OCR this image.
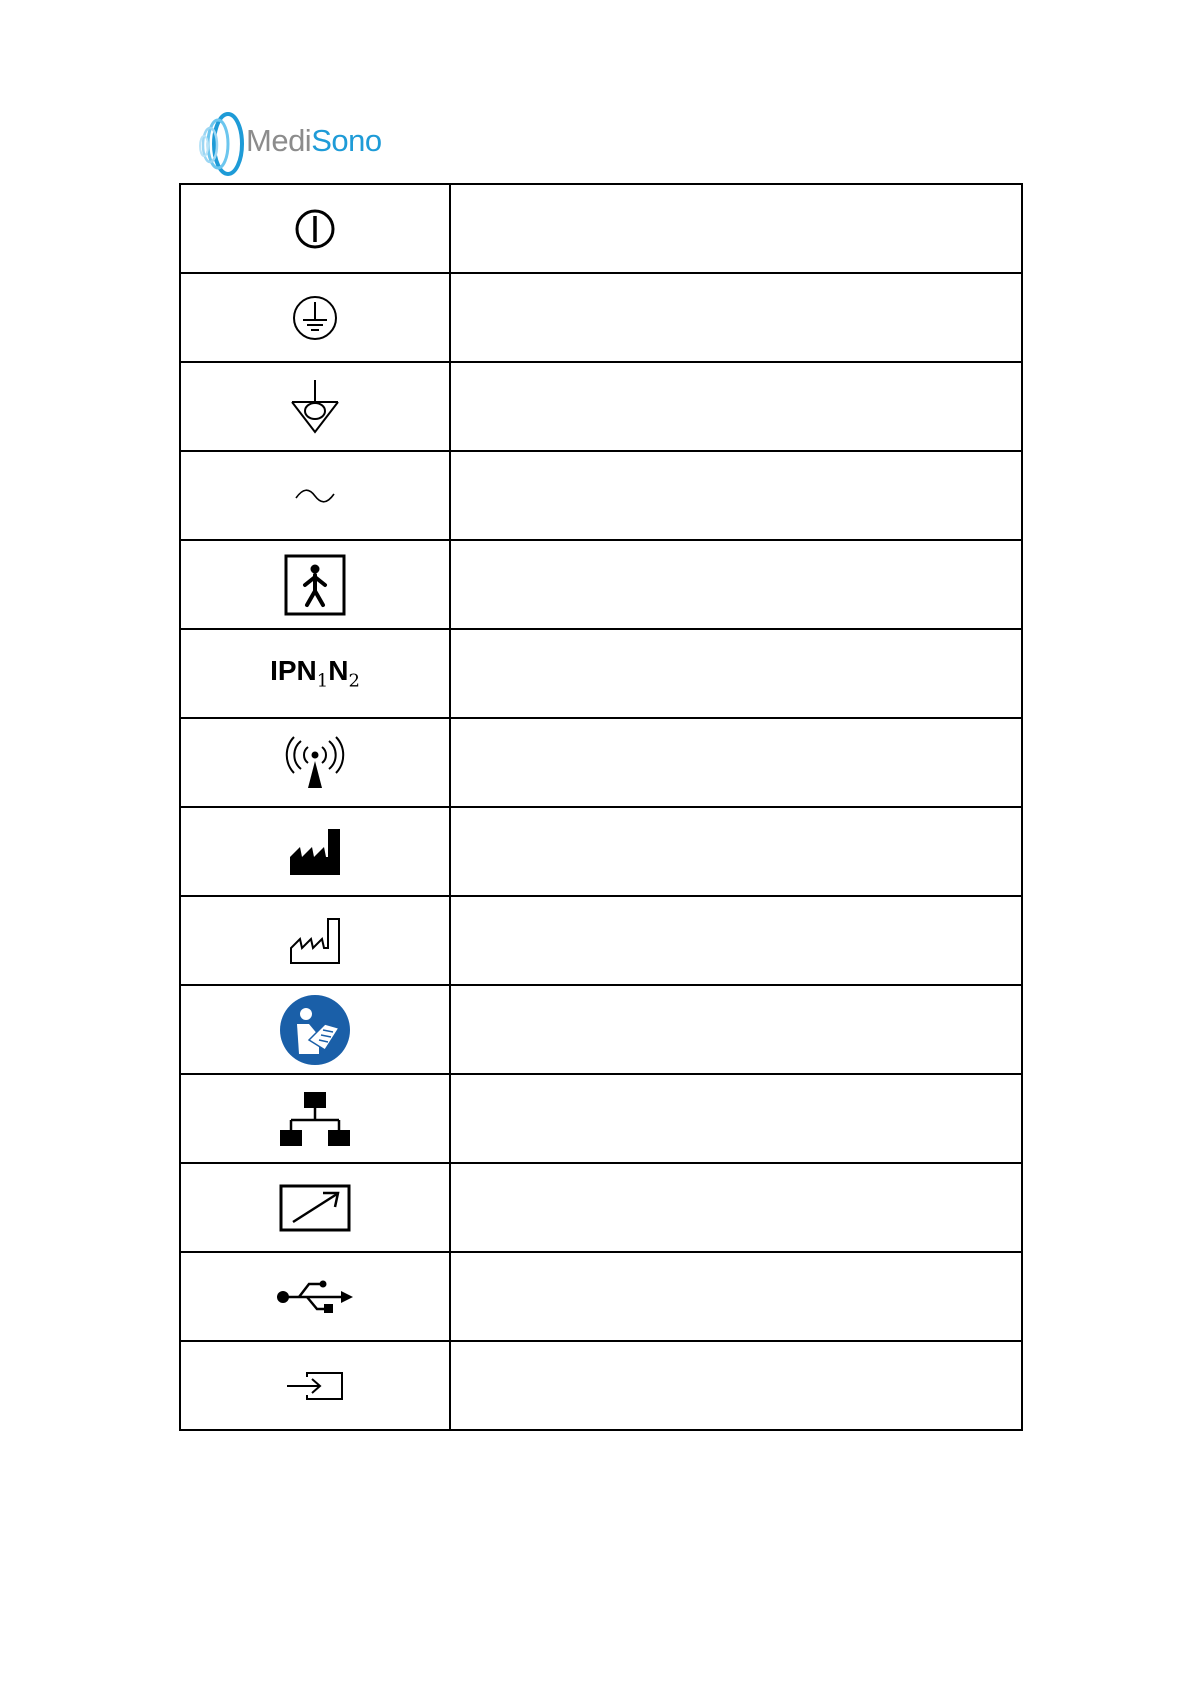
MediSono

$IPN_1N_2$	
